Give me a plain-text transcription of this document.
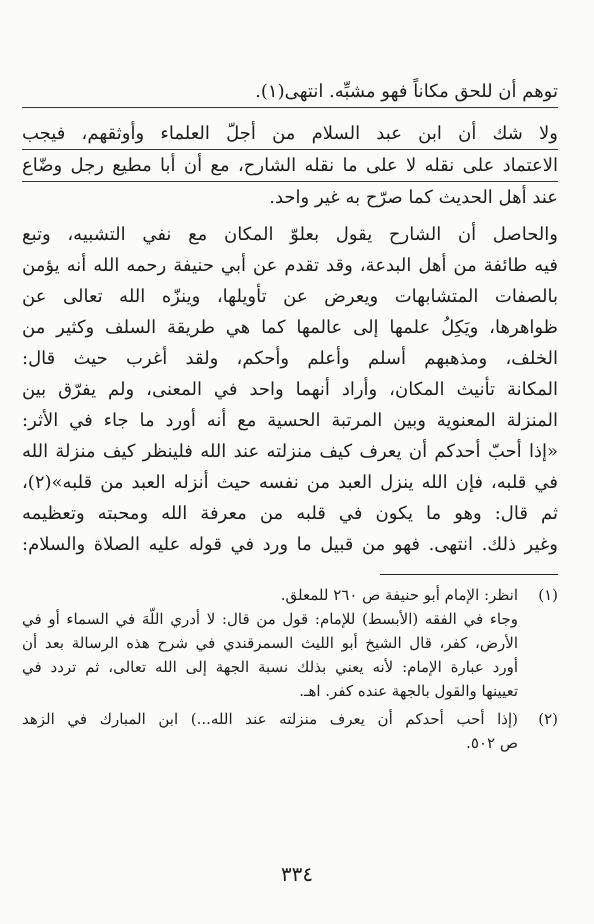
توهم أن للحق مكاناً فهو مشبِّه. انتهى(١).
ولا شك أن ابن عبد السلام من أجلّ العلماء وأوثقهم، فيجب
الاعتماد على نقله لا على ما نقله الشارح، مع أن أبا مطيع رجل وضّاع
عند أهل الحديث كما صرّح به غير واحد.
والحاصل أن الشارح يقول بعلوّ المكان مع نفي التشبيه، وتبع
فيه طائفة من أهل البدعة، وقد تقدم عن أبي حنيفة رحمه الله أنه يؤمن
بالصفات المتشابهات ويعرض عن تأويلها، وينزّه الله تعالى عن
ظواهرها، ويَكِلُ علمها إلى عالمها كما هي طريقة السلف وكثير من
الخلف، ومذهبهم أسلم وأعلم وأحكم، ولقد أغرب حيث قال:
المكانة تأنيث المكان، وأراد أنهما واحد في المعنى، ولم يفرّق بين
المنزلة المعنوية وبين المرتبة الحسية مع أنه أورد ما جاء في الأثر:
«إذا أحبّ أحدكم أن يعرف كيف منزلته عند الله فلينظر كيف منزلة الله
في قلبه، فإن الله ينزل العبد من نفسه حيث أنزله العبد من قلبه»(٢)،
ثم قال: وهو ما يكون في قلبه من معرفة الله ومحبته وتعظيمه
وغير ذلك. انتهى. فهو من قبيل ما ورد في قوله عليه الصلاة والسلام:
(١)انظر: الإمام أبو حنيفة ص ٢٦٠ للمعلق.
وجاء في الفقه (الأبسط) للإمام: قول من قال: لا أدري اللّهَ في السماء أو في
الأرض، كفر، قال الشيخ أبو الليث السمرقندي في شرح هذه الرسالة بعد أن
أورد عبارة الإمام: لأنه يعني بذلك نسبة الجهة إلى الله تعالى، ثم تردد في
تعيينها والقول بالجهة عنده كفر. اهـ.
(٢)(إذا أحب أحدكم أن يعرف منزلته عند الله...) ابن المبارك في الزهد
ص ٥٠٢.
٣٣٤
